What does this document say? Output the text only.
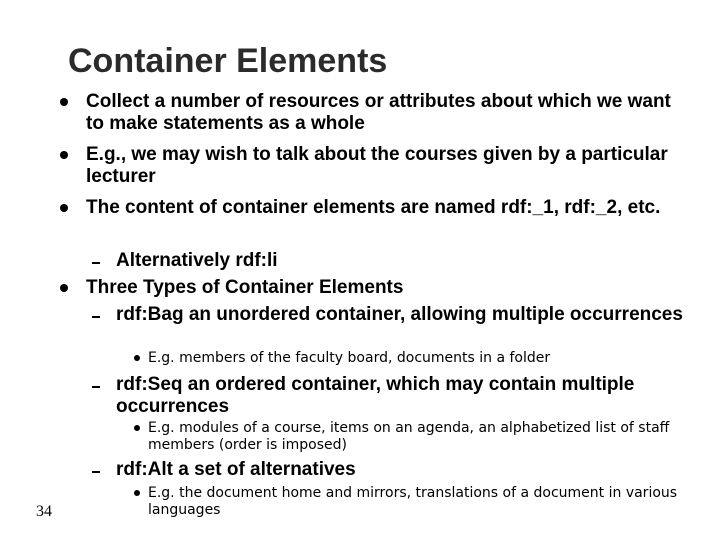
Container Elements
Collect a number of resources or attributes about which we want to make statements as a whole
E.g., we may wish to talk about the courses given by a particular lecturer
The content of container elements are named rdf:_1, rdf:_2, etc.
Alternatively rdf:li
Three Types of Container Elements
rdf:Bag an unordered container, allowing multiple occurrences
E.g. members of the faculty board, documents in a folder
rdf:Seq an ordered container, which may contain multiple occurrences
E.g. modules of a course, items on an agenda, an alphabetized list of staff members (order is imposed)
rdf:Alt a set of alternatives
E.g. the document home and mirrors, translations of a document in various languages
34
